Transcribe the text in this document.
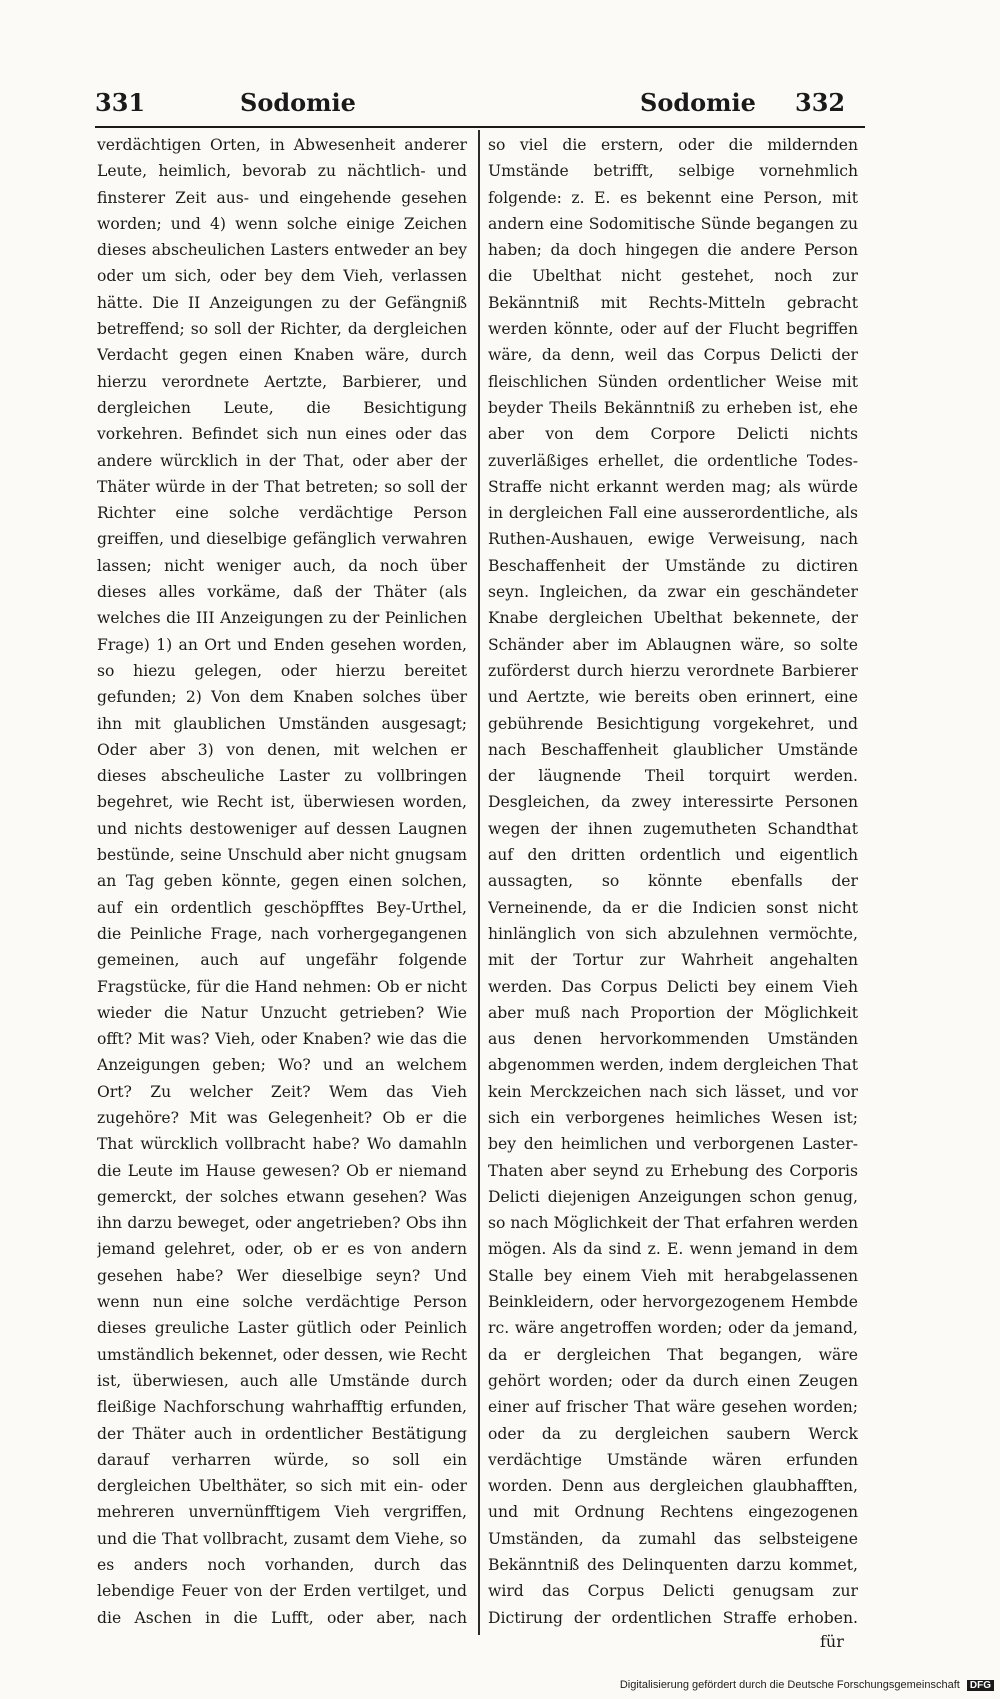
331	Sodomie	Sodomie 332
verdächtigen Orten, in Abwesenheit anderer Leute, heimlich, bevorab zu nächtlich- und finsterer Zeit aus- und eingehende gesehen worden; und 4) wenn solche einige Zeichen dieses abscheulichen Lasters entweder an bey oder um sich, oder bey dem Vieh, verlassen hätte. Die II Anzeigungen zu der Gefängniß betreffend; so soll der Richter, da dergleichen Verdacht gegen einen Knaben wäre, durch hierzu verordnete Aertzte, Barbierer, und dergleichen Leute, die Besichtigung vorkehren. Befindet sich nun eines oder das andere würcklich in der That, oder aber der Thäter würde in der That betreten; so soll der Richter eine solche verdächtige Person greiffen, und dieselbige gefänglich verwahren lassen; nicht weniger auch, da noch über dieses alles vorkäme, daß der Thäter (als welches die III Anzeigungen zu der Peinlichen Frage) 1) an Ort und Enden gesehen worden, so hiezu gelegen, oder hierzu bereitet gefunden; 2) Von dem Knaben solches über ihn mit glaublichen Umständen ausgesagt; Oder aber 3) von denen, mit welchen er dieses abscheuliche Laster zu vollbringen begehret, wie Recht ist, überwiesen worden, und nichts destoweniger auf dessen Laugnen bestünde, seine Unschuld aber nicht gnugsam an Tag geben könnte, gegen einen solchen, auf ein ordentlich geschöpfftes Bey-Urthel, die Peinliche Frage, nach vorhergegangenen gemeinen, auch auf ungefähr folgende Fragstücke, für die Hand nehmen: Ob er nicht wieder die Natur Unzucht getrieben? Wie offt? Mit was? Vieh, oder Knaben? wie das die Anzeigungen geben; Wo? und an welchem Ort? Zu welcher Zeit? Wem das Vieh zugehöre? Mit was Gelegenheit? Ob er die That würcklich vollbracht habe? Wo damahln die Leute im Hause gewesen? Ob er niemand gemerckt, der solches etwann gesehen? Was ihn darzu beweget, oder angetrieben? Obs ihn jemand gelehret, oder, ob er es von andern gesehen habe? Wer dieselbige seyn? Und wenn nun eine solche verdächtige Person dieses greuliche Laster gütlich oder Peinlich umständlich bekennet, oder dessen, wie Recht ist, überwiesen, auch alle Umstände durch fleißige Nachforschung wahrhafftig erfunden, der Thäter auch in ordentlicher Bestätigung darauf verharren würde, so soll ein dergleichen Ubelthäter, so sich mit ein- oder mehreren unvernünfftigem Vieh vergriffen, und die That vollbracht, zusamt dem Viehe, so es anders noch vorhanden, durch das lebendige Feuer von der Erden vertilget, und die Aschen in die Lufft, oder aber, nach
so viel die erstern, oder die mildernden Umstände betrifft, selbige vornehmlich folgende: z. E. es bekennt eine Person, mit andern eine Sodomitische Sünde begangen zu haben; da doch hingegen die andere Person die Ubelthat nicht gestehet, noch zur Bekänntniß mit Rechts-Mitteln gebracht werden könnte, oder auf der Flucht begriffen wäre, da denn, weil das Corpus Delicti der fleischlichen Sünden ordentlicher Weise mit beyder Theils Bekänntniß zu erheben ist, ehe aber von dem Corpore Delicti nichts zuverläßiges erhellet, die ordentliche Todes-Straffe nicht erkannt werden mag; als würde in dergleichen Fall eine ausserordentliche, als Ruthen-Aushauen, ewige Verweisung, nach Beschaffenheit der Umstände zu dictiren seyn. Ingleichen, da zwar ein geschändeter Knabe dergleichen Ubelthat bekennete, der Schänder aber im Ablaugnen wäre, so solte zuförderst durch hierzu verordnete Barbierer und Aertzte, wie bereits oben erinnert, eine gebührende Besichtigung vorgekehret, und nach Beschaffenheit glaublicher Umstände der läugnende Theil torquirt werden. Desgleichen, da zwey interessirte Personen wegen der ihnen zugemutheten Schandthat auf den dritten ordentlich und eigentlich aussagten, so könnte ebenfalls der Verneinende, da er die Indicien sonst nicht hinlänglich von sich abzulehnen vermöchte, mit der Tortur zur Wahrheit angehalten werden. Das Corpus Delicti bey einem Vieh aber muß nach Proportion der Möglichkeit aus denen hervorkommenden Umständen abgenommen werden, indem dergleichen That kein Merckzeichen nach sich lässet, und vor sich ein verborgenes heimliches Wesen ist; bey den heimlichen und verborgenen Laster-Thaten aber seynd zu Erhebung des Corporis Delicti diejenigen Anzeigungen schon genug, so nach Möglichkeit der That erfahren werden mögen. Als da sind z. E. wenn jemand in dem Stalle bey einem Vieh mit herabgelassenen Beinkleidern, oder hervorgezogenem Hembde rc. wäre angetroffen worden; oder da jemand, da er dergleichen That begangen, wäre gehört worden; oder da durch einen Zeugen einer auf frischer That wäre gesehen worden; oder da zu dergleichen saubern Werck verdächtige Umstände wären erfunden worden. Denn aus dergleichen glaubhafften, und mit Ordnung Rechtens eingezogenen Umständen, da zumahl das selbsteigene Bekänntniß des Delinquenten darzu kommet, wird das Corpus Delicti genugsam zur Dictirung der ordentlichen Straffe erhoben.
für
Digitalisierung gefördert durch die Deutsche Forschungsgemeinschaft DFG
